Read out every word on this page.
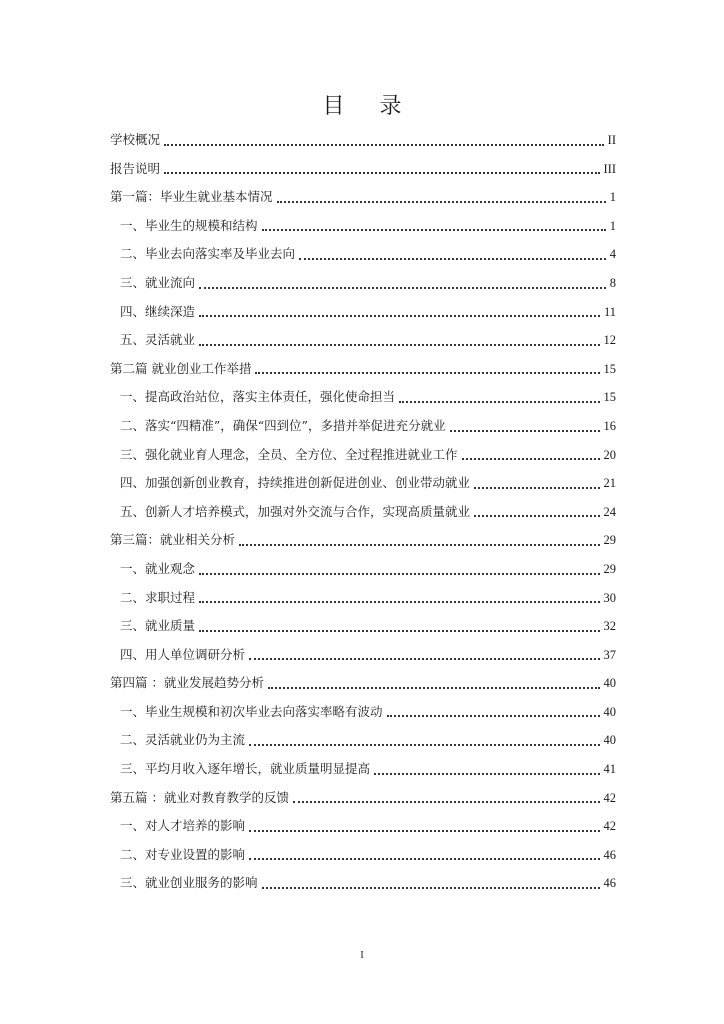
目 录
学校概况	II
报告说明	III
第一篇：毕业生就业基本情况	1
一、毕业生的规模和结构	1
二、毕业去向落实率及毕业去向	4
三、就业流向	8
四、继续深造	11
五、灵活就业	12
第二篇 就业创业工作举措	15
一、提高政治站位，落实主体责任，强化使命担当	15
二、落实“四精准”，确保“四到位”，多措并举促进充分就业	16
三、强化就业育人理念，全员、全方位、全过程推进就业工作	20
四、加强创新创业教育，持续推进创新促进创业、创业带动就业	21
五、创新人才培养模式，加强对外交流与合作，实现高质量就业	24
第三篇：就业相关分析	29
一、就业观念	29
二、求职过程	30
三、就业质量	32
四、用人单位调研分析	37
第四篇 ：就业发展趋势分析	40
一、毕业生规模和初次毕业去向落实率略有波动	40
二、灵活就业仍为主流	40
三、平均月收入逐年增长，就业质量明显提高	41
第五篇 ：就业对教育教学的反馈	42
一、对人才培养的影响	42
二、对专业设置的影响	46
三、就业创业服务的影响	46
I
